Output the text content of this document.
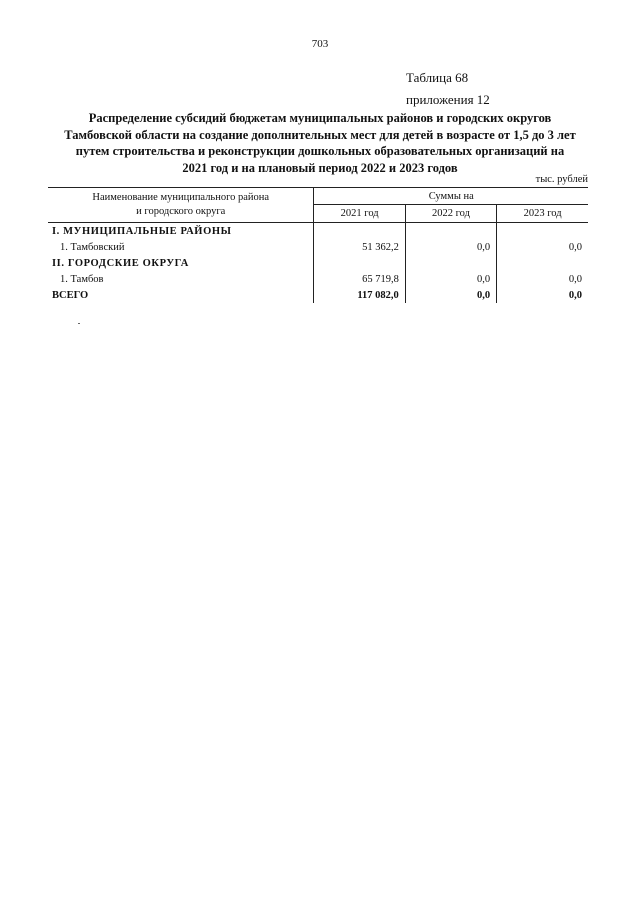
703
Таблица 68
приложения 12
Распределение субсидий бюджетам муниципальных районов и городских округов
Тамбовской области на создание дополнительных мест для детей в возрасте от 1,5 до 3 лет
путем строительства и реконструкции дошкольных образовательных организаций на
2021 год и на плановый период 2022 и 2023 годов
тыс. рублей
Наименование муниципального района
и городского округа	Суммы на		
	2021 год	2022 год	2023 год
I. МУНИЦИПАЛЬНЫЕ РАЙОНЫ			
1. Тамбовский	51 362,2	0,0	0,0
II. ГОРОДСКИЕ ОКРУГА			
1. Тамбов	65 719,8	0,0	0,0
ВСЕГО	117 082,0	0,0	0,0
